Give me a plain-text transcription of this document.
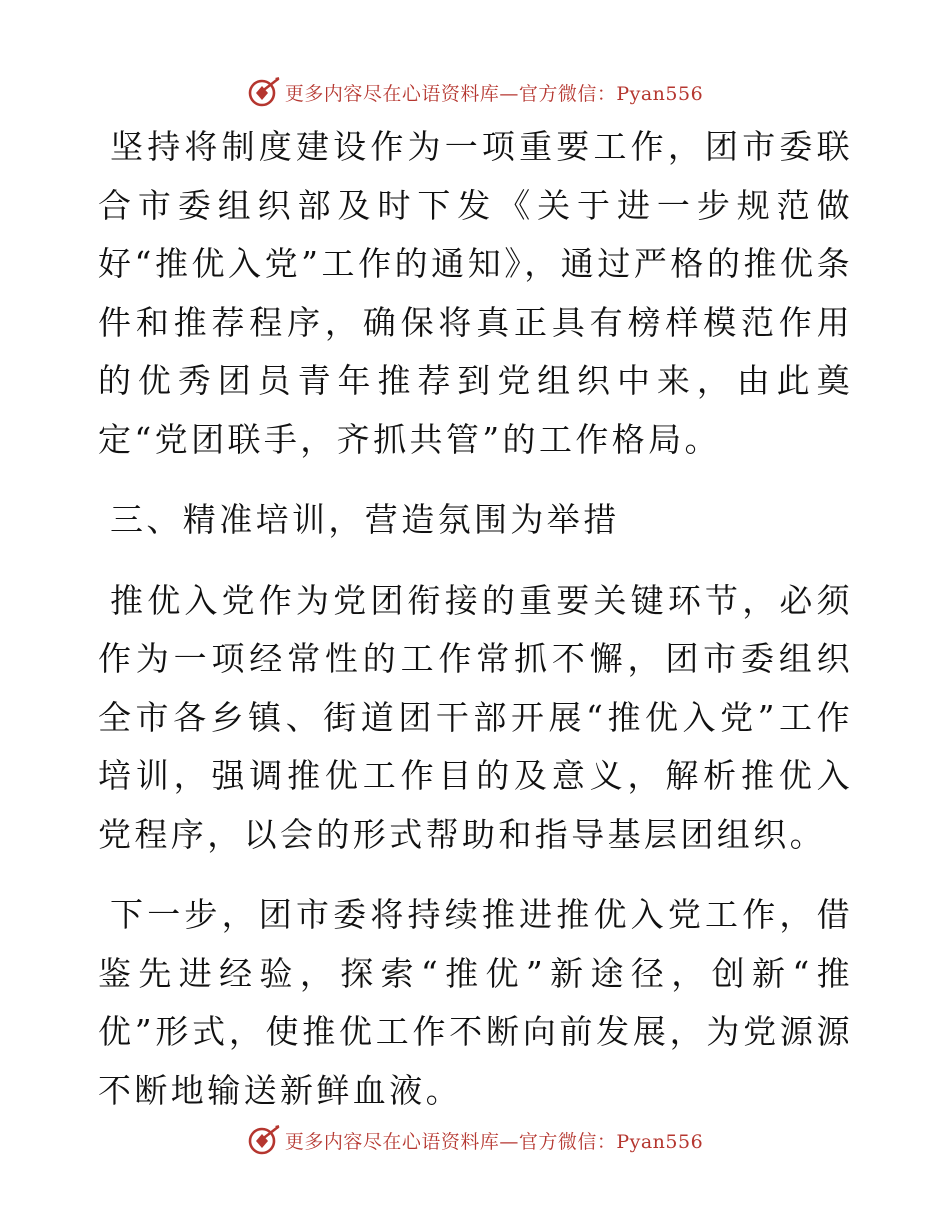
更多内容尽在心语资料库—官方微信：Pyan556

坚持将制度建设作为一项重要工作，团市委联合市委组织部及时下发《关于进一步规范做好“推优入党”工作的通知》，通过严格的推优条件和推荐程序，确保将真正具有榜样模范作用的优秀团员青年推荐到党组织中来，由此奠定“党团联手，齐抓共管”的工作格局。

三、精准培训，营造氛围为举措

推优入党作为党团衔接的重要关键环节，必须作为一项经常性的工作常抓不懈，团市委组织全市各乡镇、街道团干部开展“推优入党”工作培训，强调推优工作目的及意义，解析推优入党程序，以会的形式帮助和指导基层团组织。

下一步，团市委将持续推进推优入党工作，借鉴先进经验，探索“推优”新途径，创新“推优”形式，使推优工作不断向前发展，为党源源不断地输送新鲜血液。

更多内容尽在心语资料库—官方微信：Pyan556
